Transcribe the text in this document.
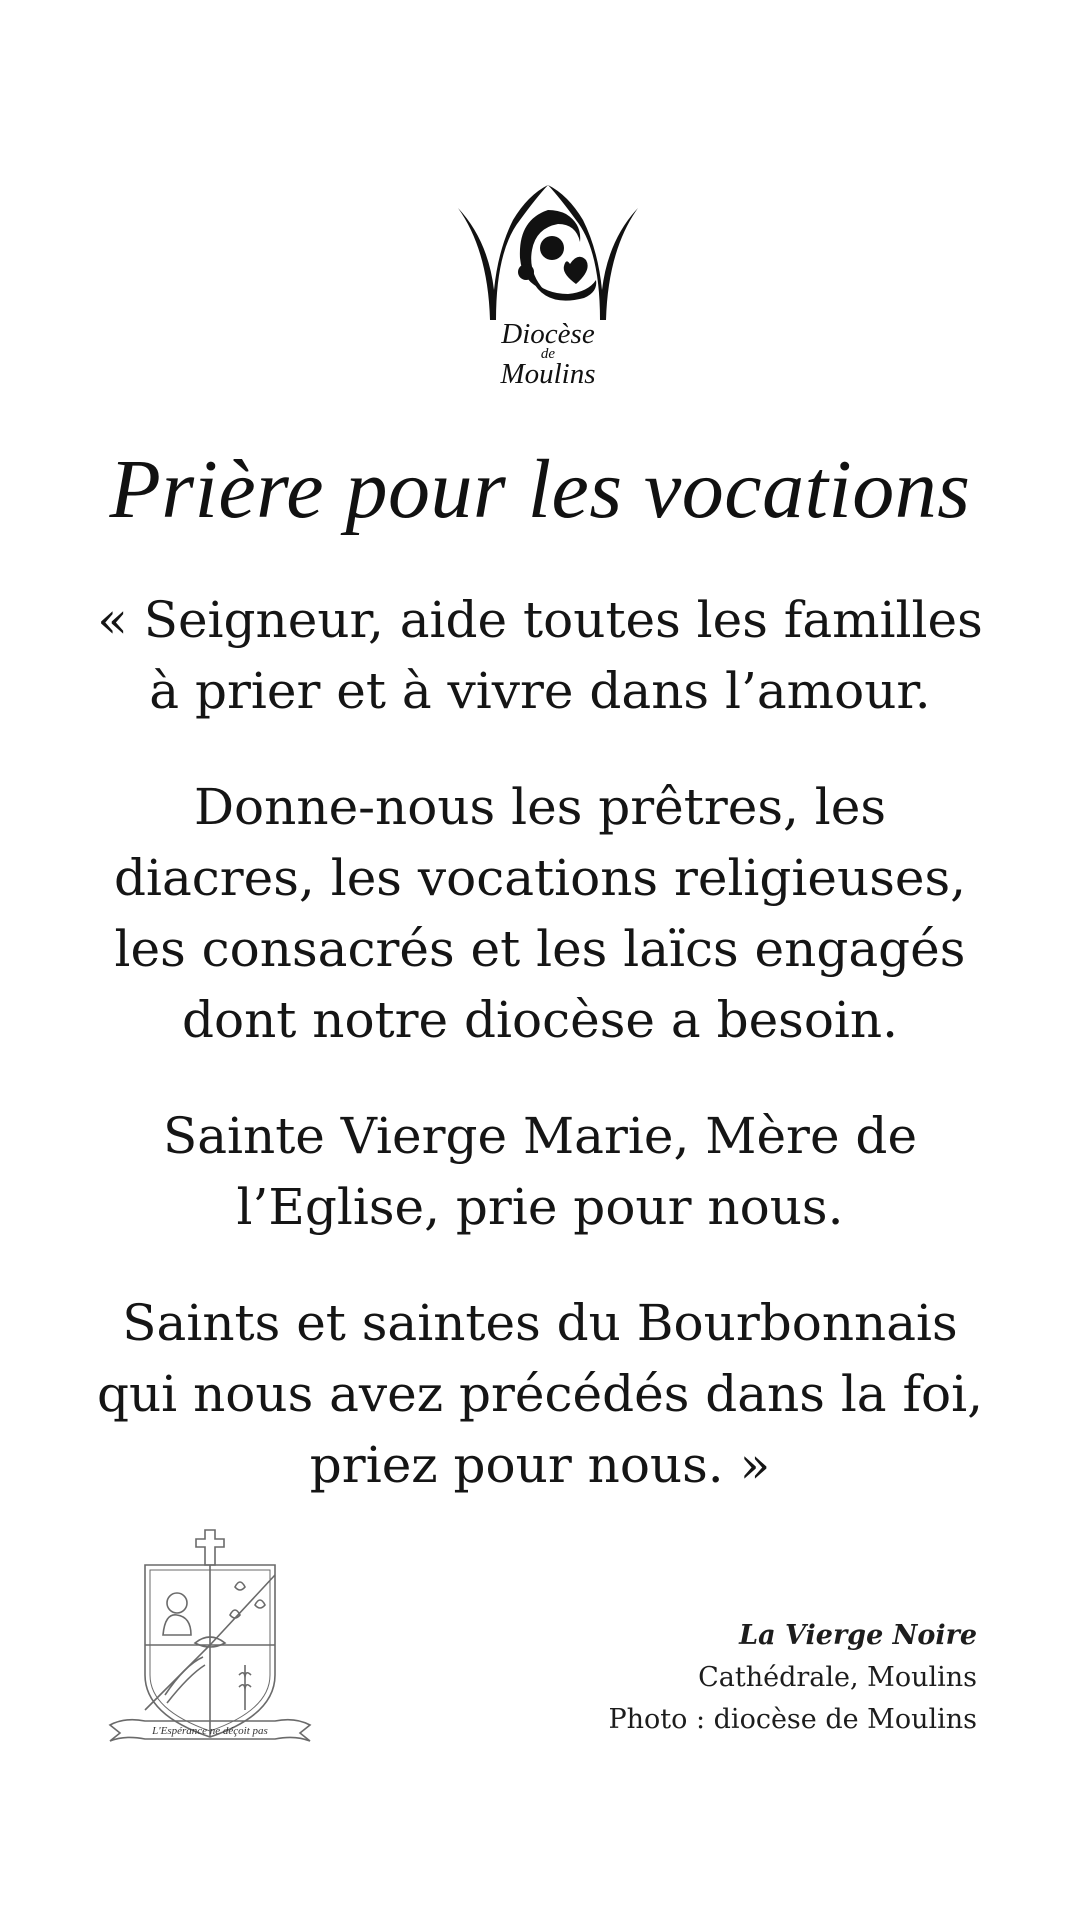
Diocèse
de
Moulins
Prière pour les vocations

« Seigneur, aide toutes les familles
à prier et à vivre dans l’amour.

Donne-nous les prêtres, les
diacres, les vocations religieuses,
les consacrés et les laïcs engagés
dont notre diocèse a besoin.

Sainte Vierge Marie, Mère de
l’Eglise, prie pour nous.

Saints et saintes du Bourbonnais
qui nous avez précédés dans la foi,
priez pour nous. »

L'Espérance ne déçoit pas
La Vierge Noire
Cathédrale, Moulins
Photo : diocèse de Moulins
